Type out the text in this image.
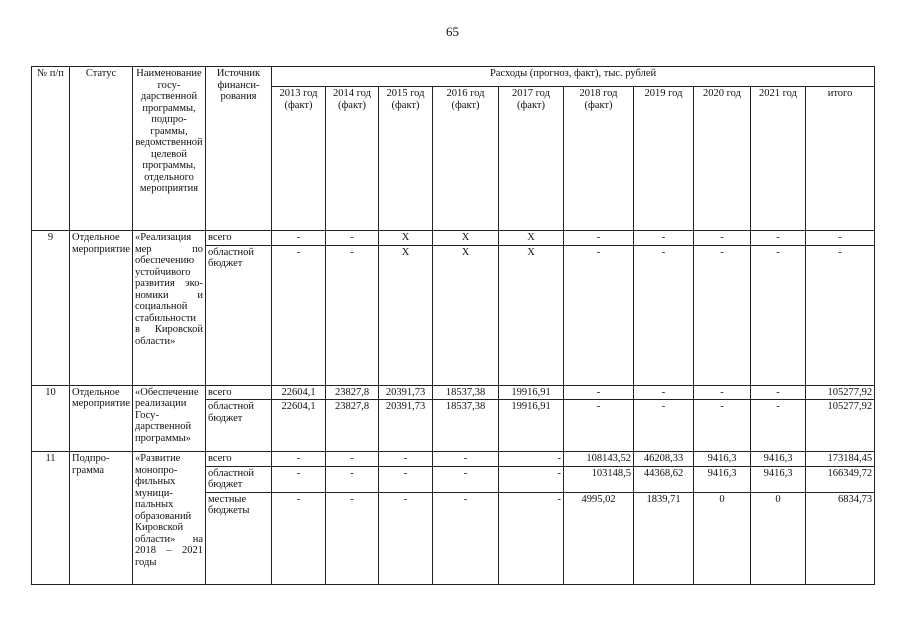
65
№ п/п	Статус	Наименование государственной программы, подпрограммы, ведомственной целевой программы, отдельного мероприятия	Источник финансирования	Расходы (прогноз, факт), тыс. рублей									
				2013 год (факт)	2014 год (факт)	2015 год (факт)	2016 год (факт)	2017 год (факт)	2018 год (факт)	2019 год	2020 год	2021 год	итого
9	Отдельное мероприятие	«Реализация мер по обеспечению устойчивого развития экономики и социальной стабильности в Кировской области»	всего	-	-	X	X	X	-	-	-	-	-
			областной бюджет	-	-	X	X	X	-	-	-	-	-
10	Отдельное мероприятие	«Обеспечение реализации Государственной программы»	всего	22604,1	23827,8	20391,73	18537,38	19916,91	-	-	-	-	105277,92
			областной бюджет	22604,1	23827,8	20391,73	18537,38	19916,91	-	-	-	-	105277,92
11	Подпрограмма	«Развитие монопрофильных муниципальных образований Кировской области» на 2018 – 2021 годы	всего	-	-	-	-	-	108143,52	46208,33	9416,3	9416,3	173184,45
			областной бюджет	-	-	-	-	-	103148,5	44368,62	9416,3	9416,3	166349,72
			местные бюджеты	-	-	-	-	-	4995,02	1839,71	0	0	6834,73
